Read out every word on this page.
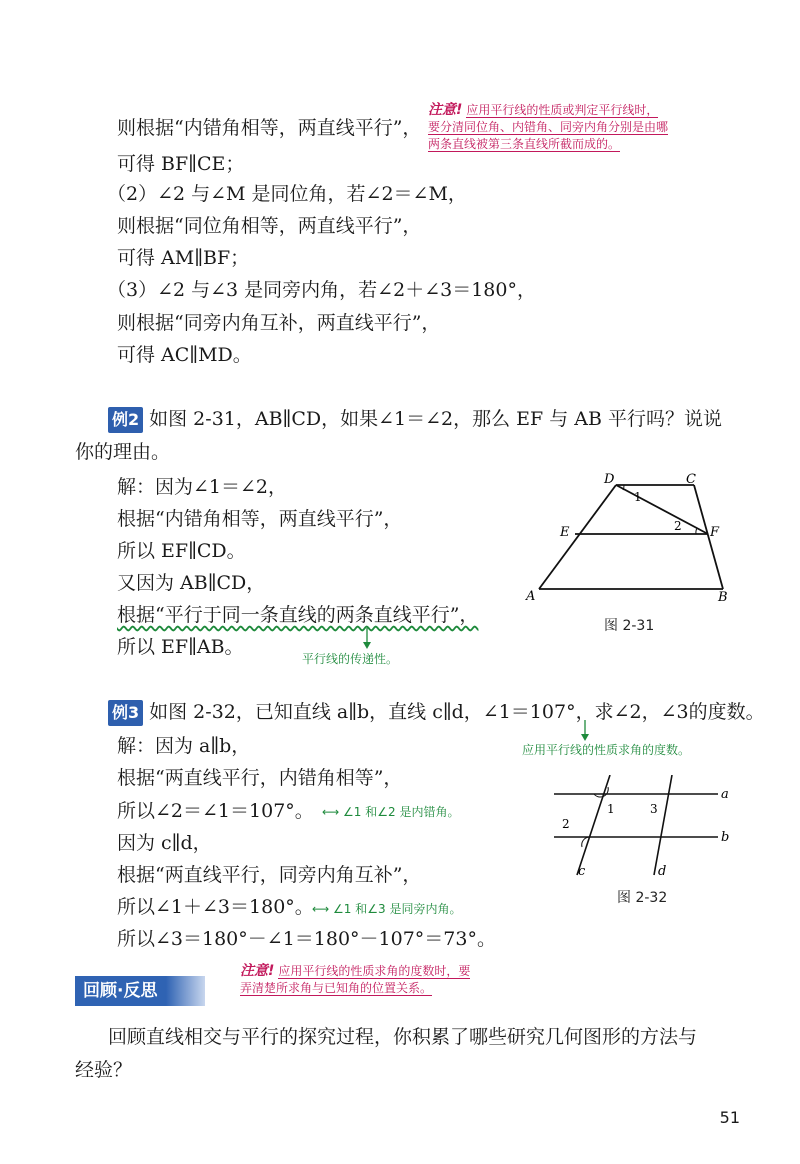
注意! 应用平行线的性质或判定平行线时，
要分清同位角、内错角、同旁内角分别是由哪
两条直线被第三条直线所截而成的。
则根据“内错角相等，两直线平行”，
可得 BF∥CE；
（2）∠2 与∠M 是同位角，若∠2＝∠M，
则根据“同位角相等，两直线平行”，
可得 AM∥BF；
（3）∠2 与∠3 是同旁内角，若∠2＋∠3＝180°，
则根据“同旁内角互补，两直线平行”，
可得 AC∥MD。
例2 如图 2-31，AB∥CD，如果∠1＝∠2，那么 EF 与 AB 平行吗？说说
你的理由。
解：因为∠1＝∠2，
根据“内错角相等，两直线平行”，
所以 EF∥CD。
又因为 AB∥CD，
根据“平行于同一条直线的两条直线平行”，
所以 EF∥AB。
平行线的传递性。
D	C
E	F
A	B
1
2
图 2-31
例3 如图 2-32，已知直线 a∥b，直线 c∥d，∠1＝107°，求∠2，∠3的度数。
解：因为 a∥b，
根据“两直线平行，内错角相等”，
所以∠2＝∠1＝107°。
因为 c∥d，
根据“两直线平行，同旁内角互补”，
所以∠1＋∠3＝180°。
所以∠3＝180°－∠1＝180°－107°＝73°。
应用平行线的性质求角的度数。
⟷ ∠1 和∠2 是内错角。
⟷ ∠1 和∠3 是同旁内角。
a
b
c	d
1
2
3
图 2-32
回顾·反思
注意! 应用平行线的性质求角的度数时，要
弄清楚所求角与已知角的位置关系。
回顾直线相交与平行的探究过程，你积累了哪些研究几何图形的方法与
经验？
51
